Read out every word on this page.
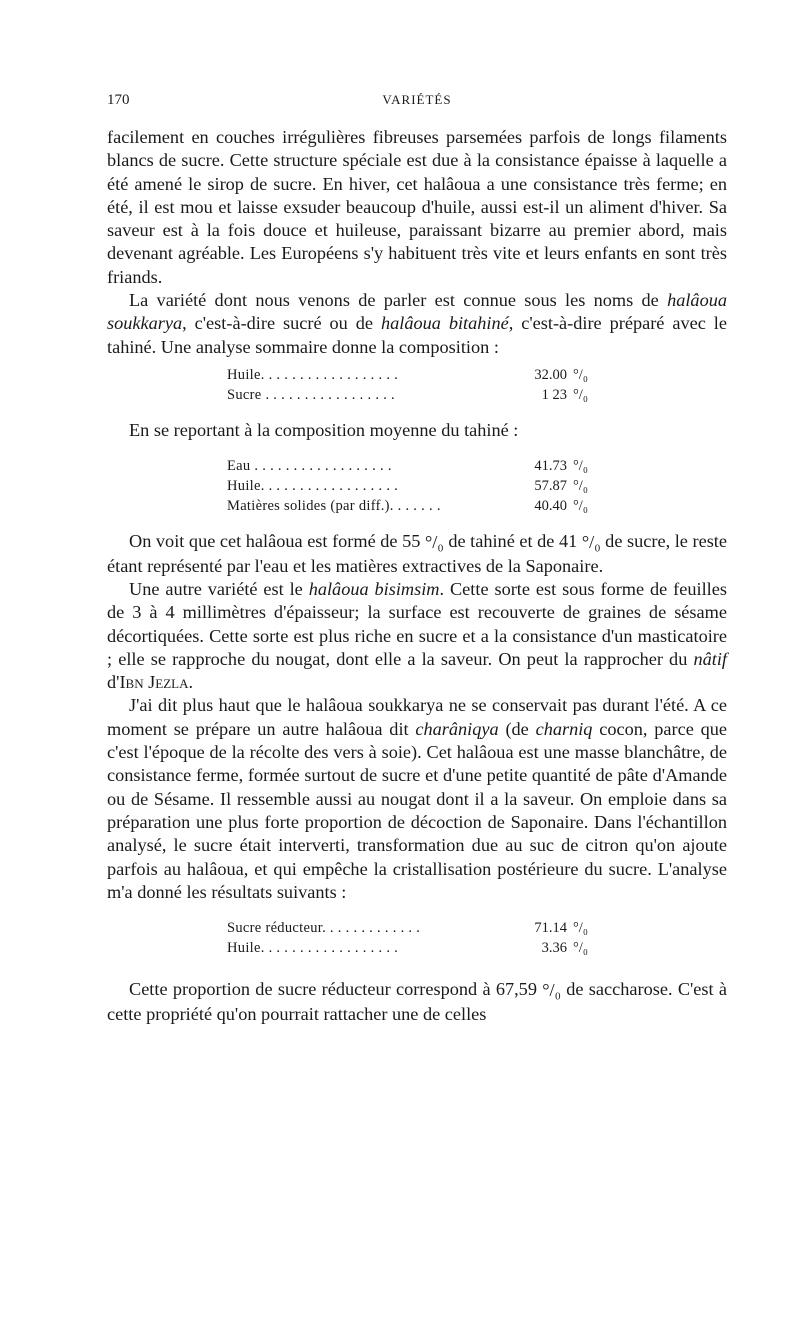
170	VARIÉTÉS

facilement en couches irrégulières fibreuses parsemées parfois de longs filaments blancs de sucre. Cette structure spéciale est due à la consistance épaisse à laquelle a été amené le sirop de sucre. En hiver, cet halâoua a une consistance très ferme; en été, il est mou et laisse exsuder beaucoup d'huile, aussi est-il un aliment d'hiver. Sa saveur est à la fois douce et huileuse, paraissant bizarre au premier abord, mais devenant agréable. Les Européens s'y habituent très vite et leurs enfants en sont très friands.

La variété dont nous venons de parler est connue sous les noms de halâoua soukkarya, c'est-à-dire sucré ou de halâoua bitahiné, c'est-à-dire préparé avec le tahiné. Une analyse sommaire donne la composition :

Huile. . . . . . . . . . . . . . . . . .	32.00	°/₀
Sucre . . . . . . . . . . . . . . . . .	1 23	°/₀

En se reportant à la composition moyenne du tahiné :

Eau . . . . . . . . . . . . . . . . . .	41.73	°/₀
Huile. . . . . . . . . . . . . . . . . .	57.87	°/₀
Matières solides (par diff.). . . . . . .	40.40	°/₀

On voit que cet halâoua est formé de 55 °/₀ de tahiné et de 41 °/₀ de sucre, le reste étant représenté par l'eau et les matières extractives de la Saponaire.

Une autre variété est le halâoua bisimsim. Cette sorte est sous forme de feuilles de 3 à 4 millimètres d'épaisseur; la surface est recouverte de graines de sésame décortiquées. Cette sorte est plus riche en sucre et a la consistance d'un masticatoire ; elle se rapproche du nougat, dont elle a la saveur. On peut la rapprocher du nâtif d'Ibn Jezla.

J'ai dit plus haut que le halâoua soukkarya ne se conservait pas durant l'été. A ce moment se prépare un autre halâoua dit charâniqya (de charniq cocon, parce que c'est l'époque de la récolte des vers à soie). Cet halâoua est une masse blanchâtre, de consistance ferme, formée surtout de sucre et d'une petite quantité de pâte d'Amande ou de Sésame. Il ressemble aussi au nougat dont il a la saveur. On emploie dans sa préparation une plus forte proportion de décoction de Saponaire. Dans l'échantillon analysé, le sucre était interverti, transformation due au suc de citron qu'on ajoute parfois au halâoua, et qui empêche la cristallisation postérieure du sucre. L'analyse m'a donné les résultats suivants :

Sucre réducteur. . . . . . . . . . . . .	71.14	°/₀
Huile. . . . . . . . . . . . . . . . . .	3.36	°/₀

Cette proportion de sucre réducteur correspond à 67,59 °/₀ de saccharose. C'est à cette propriété qu'on pourrait rattacher une de celles
